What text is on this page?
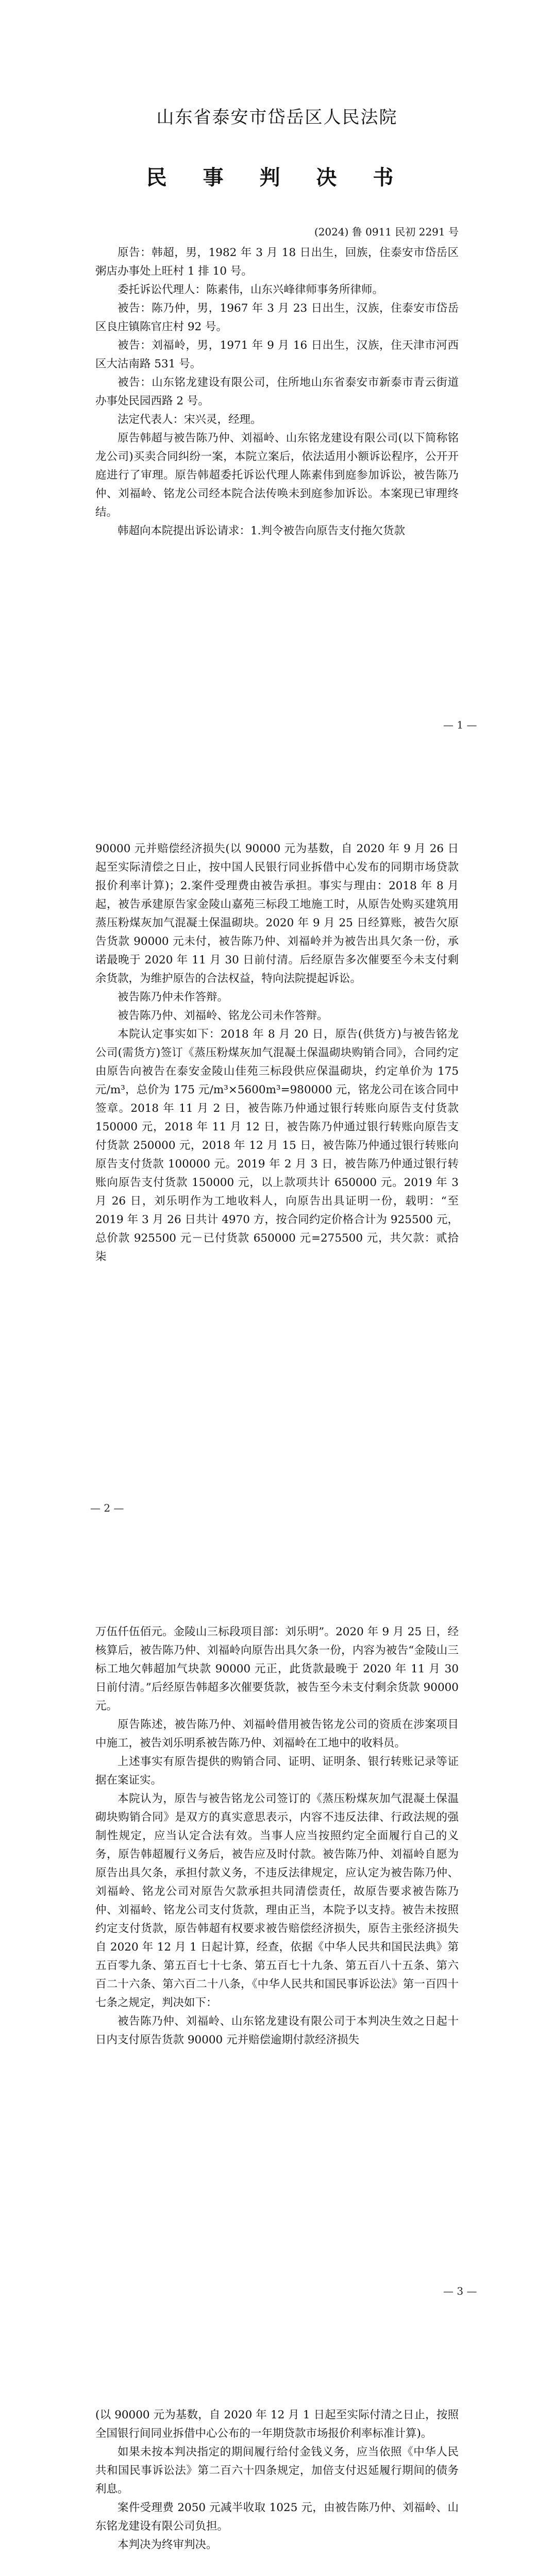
山东省泰安市岱岳区人民法院
民 事 判 决 书
(2024) 鲁 0911 民初 2291 号

原告：韩超，男，1982 年 3 月 18 日出生，回族，住泰安市岱岳区粥店办事处上旺村 1 排 10 号。

委托诉讼代理人：陈素伟，山东兴峰律师事务所律师。

被告：陈乃仲，男，1967 年 3 月 23 日出生，汉族，住泰安市岱岳区良庄镇陈官庄村 92 号。

被告：刘福岭，男，1971 年 9 月 16 日出生，汉族，住天津市河西区大沽南路 531 号。

被告：山东铭龙建设有限公司，住所地山东省泰安市新泰市青云街道办事处民园西路 2 号。

法定代表人：宋兴灵，经理。

原告韩超与被告陈乃仲、刘福岭、山东铭龙建设有限公司(以下简称铭龙公司)买卖合同纠纷一案，本院立案后，依法适用小额诉讼程序，公开开庭进行了审理。原告韩超委托诉讼代理人陈素伟到庭参加诉讼，被告陈乃仲、刘福岭、铭龙公司经本院合法传唤未到庭参加诉讼。本案现已审理终结。

韩超向本院提出诉讼请求：1.判令被告向原告支付拖欠货款

— 1 —

90000 元并赔偿经济损失(以 90000 元为基数，自 2020 年 9 月 26 日起至实际清偿之日止，按中国人民银行同业拆借中心发布的同期市场贷款报价利率计算)；2.案件受理费由被告承担。事实与理由：2018 年 8 月起，被告承建原告家金陵山嘉苑三标段工地施工时，从原告处购买建筑用蒸压粉煤灰加气混凝土保温砌块。2020 年 9 月 25 日经算账，被告欠原告货款 90000 元未付，被告陈乃仲、刘福岭并为被告出具欠条一份，承诺最晚于 2020 年 11 月 30 日前付清。后经原告多次催要至今未支付剩余货款，为维护原告的合法权益，特向法院提起诉讼。

被告陈乃仲未作答辩。

被告陈乃仲、刘福岭、铭龙公司未作答辩。

本院认定事实如下：2018 年 8 月 20 日，原告(供货方)与被告铭龙公司(需货方)签订《蒸压粉煤灰加气混凝土保温砌块购销合同》，合同约定由原告向被告在泰安金陵山佳苑三标段供应保温砌块，约定单价为 175 元/m³，总价为 175 元/m³×5600m³=980000 元，铭龙公司在该合同中签章。2018 年 11 月 2 日，被告陈乃仲通过银行转账向原告支付货款 150000 元，2018 年 11 月 12 日，被告陈乃仲通过银行转账向原告支付货款 250000 元，2018 年 12 月 15 日，被告陈乃仲通过银行转账向原告支付货款 100000 元。2019 年 2 月 3 日，被告陈乃仲通过银行转账向原告支付货款 150000 元，以上款项共计 650000 元。2019 年 3 月 26 日，刘乐明作为工地收料人，向原告出具证明一份，载明：“至 2019 年 3 月 26 日共计 4970 方，按合同约定价格合计为 925500 元，总价款 925500 元－已付货款 650000 元=275500 元，共欠款：贰拾柒

— 2 —

万伍仟伍佰元。金陵山三标段项目部：刘乐明”。2020 年 9 月 25 日，经核算后，被告陈乃仲、刘福岭向原告出具欠条一份，内容为被告“金陵山三标工地欠韩超加气块款 90000 元正，此货款最晚于 2020 年 11 月 30 日前付清。”后经原告韩超多次催要货款，被告至今未支付剩余货款 90000 元。

原告陈述，被告陈乃仲、刘福岭借用被告铭龙公司的资质在涉案项目中施工，被告刘乐明系被告陈乃仲、刘福岭在工地中的收料员。

上述事实有原告提供的购销合同、证明、证明条、银行转账记录等证据在案证实。

本院认为，原告与被告铭龙公司签订的《蒸压粉煤灰加气混凝土保温砌块购销合同》是双方的真实意思表示，内容不违反法律、行政法规的强制性规定，应当认定合法有效。当事人应当按照约定全面履行自己的义务，原告韩超履行义务后，被告应及时付款。被告陈乃仲、刘福岭自愿为原告出具欠条，承担付款义务，不违反法律规定，应认定为被告陈乃仲、刘福岭、铭龙公司对原告欠款承担共同清偿责任，故原告要求被告陈乃仲、刘福岭、铭龙公司支付货款，理由正当，本院予以支持。被告未按照约定支付货款，原告韩超有权要求被告赔偿经济损失，原告主张经济损失自 2020 年 12 月 1 日起计算，经查，依据《中华人民共和国民法典》第五百零九条、第五百七十七条、第五百七十九条、第五百八十五条、第六百二十六条、第六百二十八条，《中华人民共和国民事诉讼法》第一百四十七条之规定，判决如下：

被告陈乃仲、刘福岭、山东铭龙建设有限公司于本判决生效之日起十日内支付原告货款 90000 元并赔偿逾期付款经济损失

— 3 —

(以 90000 元为基数，自 2020 年 12 月 1 日起至实际付清之日止，按照全国银行间同业拆借中心公布的一年期贷款市场报价利率标准计算)。

如果未按本判决指定的期间履行给付金钱义务，应当依照《中华人民共和国民事诉讼法》第二百六十四条规定，加倍支付迟延履行期间的债务利息。

案件受理费 2050 元减半收取 1025 元，由被告陈乃仲、刘福岭、山东铭龙建设有限公司负担。

本判决为终审判决。
